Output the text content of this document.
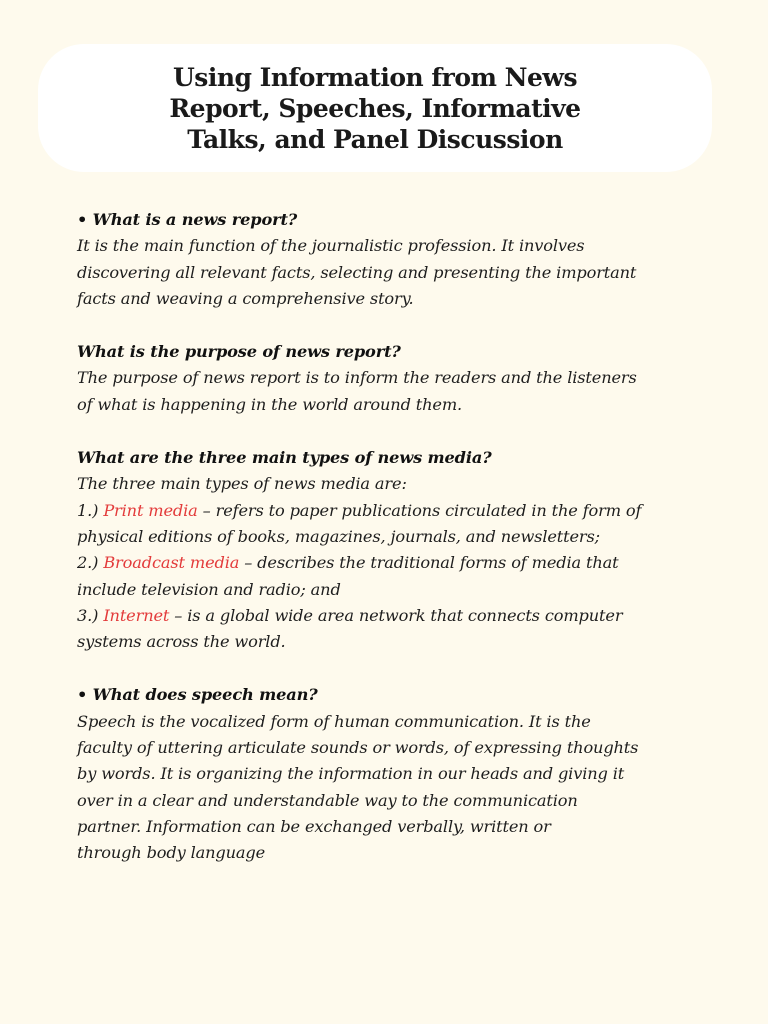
Using Information from News
Report, Speeches, Informative
Talks, and Panel Discussion
• What is a news report?
It is the main function of the journalistic profession. It involves
discovering all relevant facts, selecting and presenting the important
facts and weaving a comprehensive story.
What is the purpose of news report?
The purpose of news report is to inform the readers and the listeners
of what is happening in the world around them.
What are the three main types of news media?
The three main types of news media are:
1.) Print media – refers to paper publications circulated in the form of
physical editions of books, magazines, journals, and newsletters;
2.) Broadcast media – describes the traditional forms of media that
include television and radio; and
3.) Internet – is a global wide area network that connects computer
systems across the world.
• What does speech mean?
Speech is the vocalized form of human communication. It is the
faculty of uttering articulate sounds or words, of expressing thoughts
by words. It is organizing the information in our heads and giving it
over in a clear and understandable way to the communication
partner. Information can be exchanged verbally, written or
through body language
